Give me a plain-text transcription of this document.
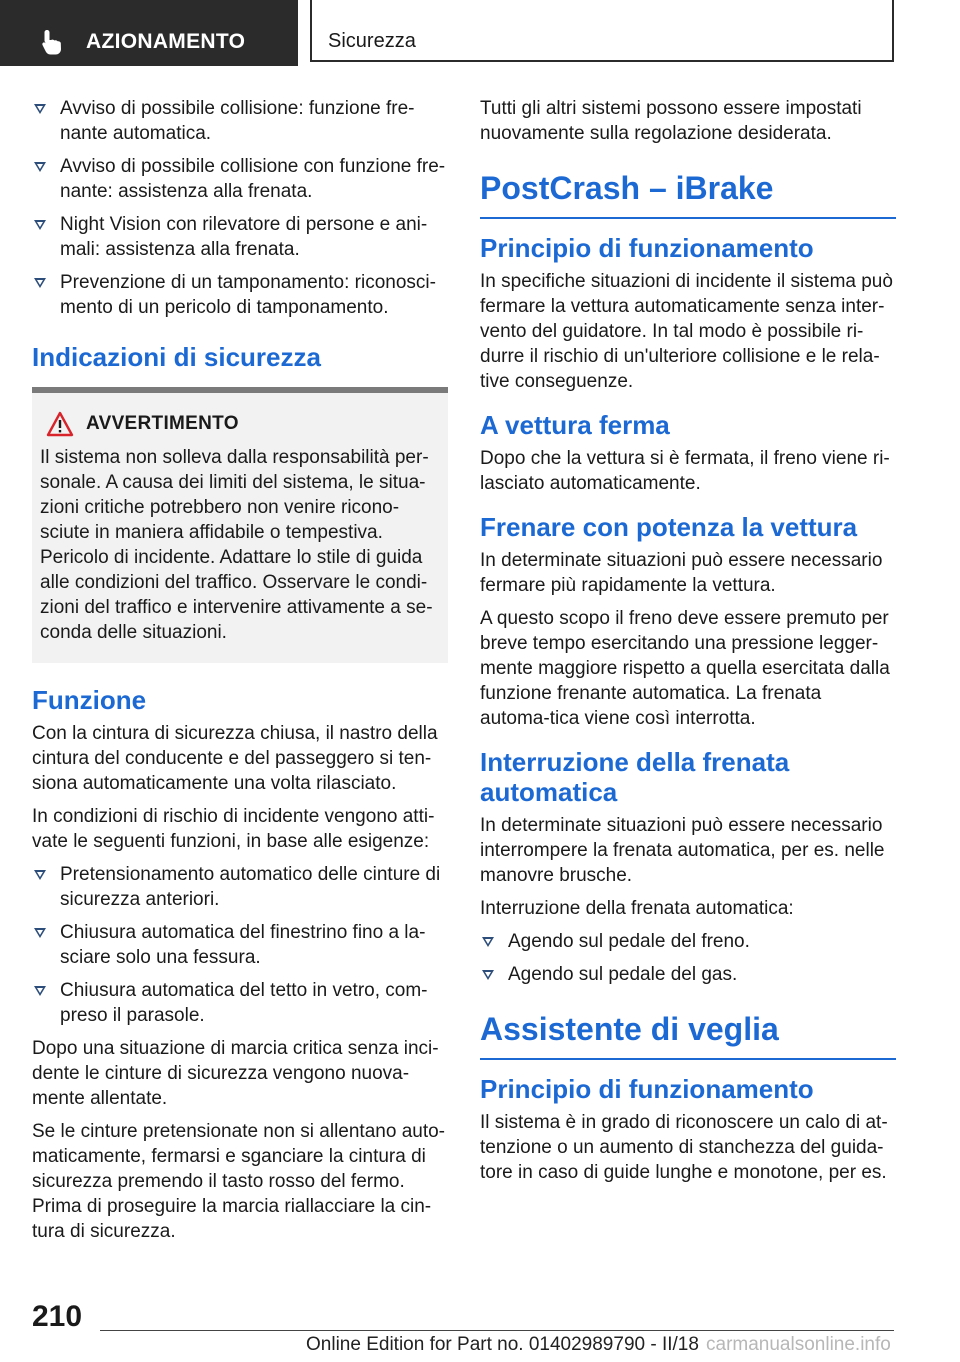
AZIONAMENTO	Sicurezza
Avviso di possibile collisione: funzione fre-nante automatica.
Avviso di possibile collisione con funzione fre-nante: assistenza alla frenata.
Night Vision con rilevatore di persone e ani-mali: assistenza alla frenata.
Prevenzione di un tamponamento: riconosci-mento di un pericolo di tamponamento.
Indicazioni di sicurezza
AVVERTIMENTO

Il sistema non solleva dalla responsabilità per-sonale. A causa dei limiti del sistema, le situa-zioni critiche potrebbero non venire ricono-sciute in maniera affidabile o tempestiva. Pericolo di incidente. Adattare lo stile di guida alle condizioni del traffico. Osservare le condi-zioni del traffico e intervenire attivamente a se-conda delle situazioni.

Funzione

Con la cintura di sicurezza chiusa, il nastro della cintura del conducente e del passeggero si ten-siona automaticamente una volta rilasciato.

In condizioni di rischio di incidente vengono atti-vate le seguenti funzioni, in base alle esigenze:

Pretensionamento automatico delle cinture di sicurezza anteriori.
Chiusura automatica del finestrino fino a la-sciare solo una fessura.
Chiusura automatica del tetto in vetro, com-preso il parasole.

Dopo una situazione di marcia critica senza inci-dente le cinture di sicurezza vengono nuova-mente allentate.

Se le cinture pretensionate non si allentano auto-maticamente, fermarsi e sganciare la cintura di sicurezza premendo il tasto rosso del fermo. Prima di proseguire la marcia riallacciare la cin-tura di sicurezza.

Tutti gli altri sistemi possono essere impostati nuovamente sulla regolazione desiderata.

PostCrash – iBrake
Principio di funzionamento

In specifiche situazioni di incidente il sistema può fermare la vettura automaticamente senza inter-vento del guidatore. In tal modo è possibile ri-durre il rischio di un'ulteriore collisione e le rela-tive conseguenze.

A vettura ferma

Dopo che la vettura si è fermata, il freno viene ri-lasciato automaticamente.

Frenare con potenza la vettura

In determinate situazioni può essere necessario fermare più rapidamente la vettura.

A questo scopo il freno deve essere premuto per breve tempo esercitando una pressione legger-mente maggiore rispetto a quella esercitata dalla funzione frenante automatica. La frenata automa-tica viene così interrotta.

Interruzione della frenata automatica

In determinate situazioni può essere necessario interrompere la frenata automatica, per es. nelle manovre brusche.

Interruzione della frenata automatica:

Agendo sul pedale del freno.
Agendo sul pedale del gas.
Assistente di veglia
Principio di funzionamento

Il sistema è in grado di riconoscere un calo di at-tenzione o un aumento di stanchezza del guida-tore in caso di guide lunghe e monotone, per es.

210
Online Edition for Part no. 01402989790 - II/18 carmanualsonline.info
